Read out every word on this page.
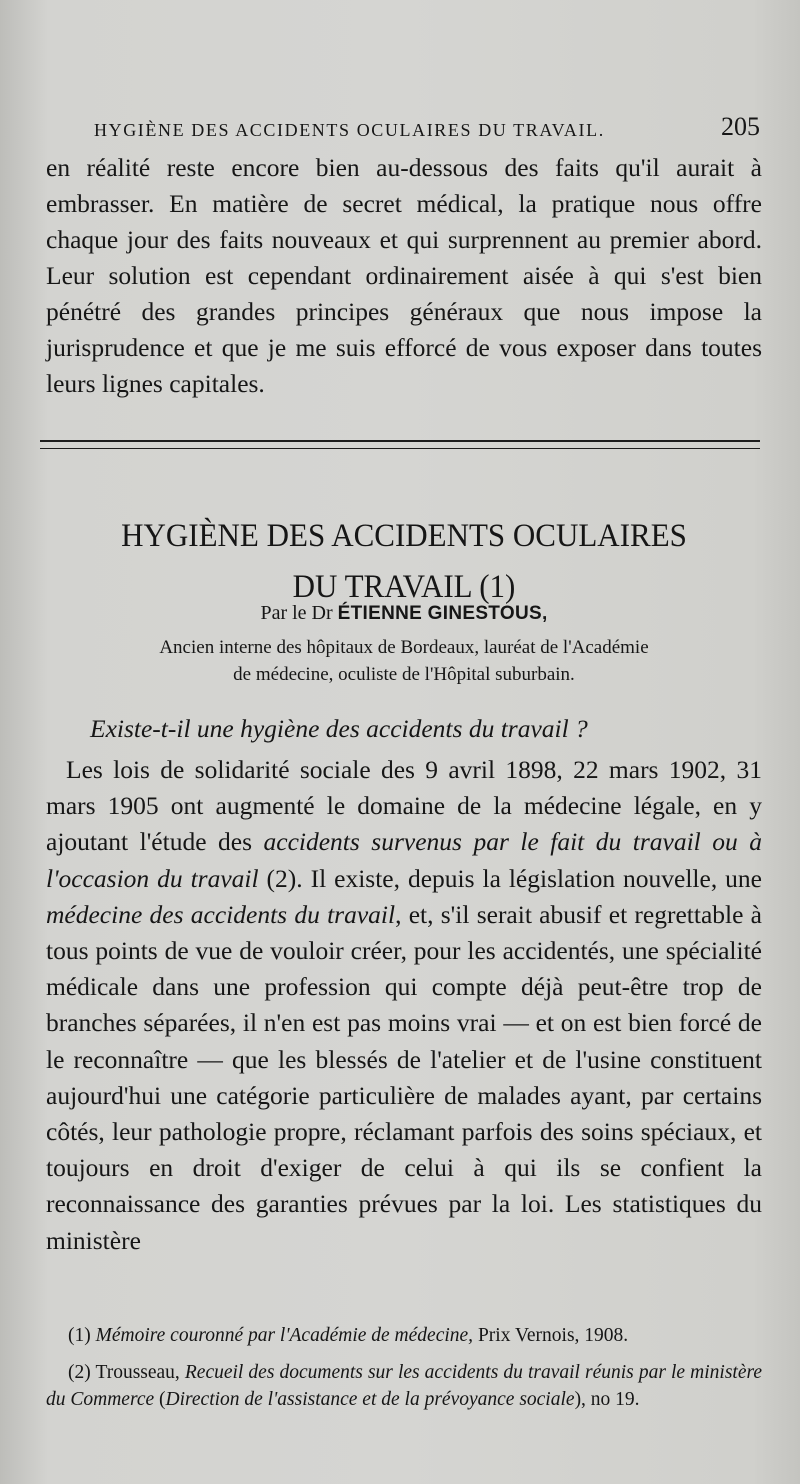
HYGIÈNE DES ACCIDENTS OCULAIRES DU TRAVAIL.	205
en réalité reste encore bien au-dessous des faits qu'il aurait à embrasser. En matière de secret médical, la pratique nous offre chaque jour des faits nouveaux et qui surprennent au premier abord. Leur solution est cependant ordinairement aisée à qui s'est bien pénétré des grandes principes généraux que nous impose la jurisprudence et que je me suis efforcé de vous exposer dans toutes leurs lignes capitales.
HYGIÈNE DES ACCIDENTS OCULAIRES
DU TRAVAIL (1)
Par le Dr ÉTIENNE GINESTOUS,
Ancien interne des hôpitaux de Bordeaux, lauréat de l'Académie
de médecine, oculiste de l'Hôpital suburbain.
Existe-t-il une hygiène des accidents du travail ?
Les lois de solidarité sociale des 9 avril 1898, 22 mars 1902, 31 mars 1905 ont augmenté le domaine de la médecine légale, en y ajoutant l'étude des accidents survenus par le fait du travail ou à l'occasion du travail (2). Il existe, depuis la législation nouvelle, une médecine des accidents du travail, et, s'il serait abusif et regrettable à tous points de vue de vouloir créer, pour les accidentés, une spécialité médicale dans une profession qui compte déjà peut-être trop de branches séparées, il n'en est pas moins vrai — et on est bien forcé de le reconnaître — que les blessés de l'atelier et de l'usine constituent aujourd'hui une catégorie particulière de malades ayant, par certains côtés, leur pathologie propre, réclamant parfois des soins spéciaux, et toujours en droit d'exiger de celui à qui ils se confient la reconnaissance des garanties prévues par la loi. Les statistiques du ministère

(1) Mémoire couronné par l'Académie de médecine, Prix Vernois, 1908.

(2) Trousseau, Recueil des documents sur les accidents du travail réunis par le ministère du Commerce (Direction de l'assistance et de la prévoyance sociale), no 19.
